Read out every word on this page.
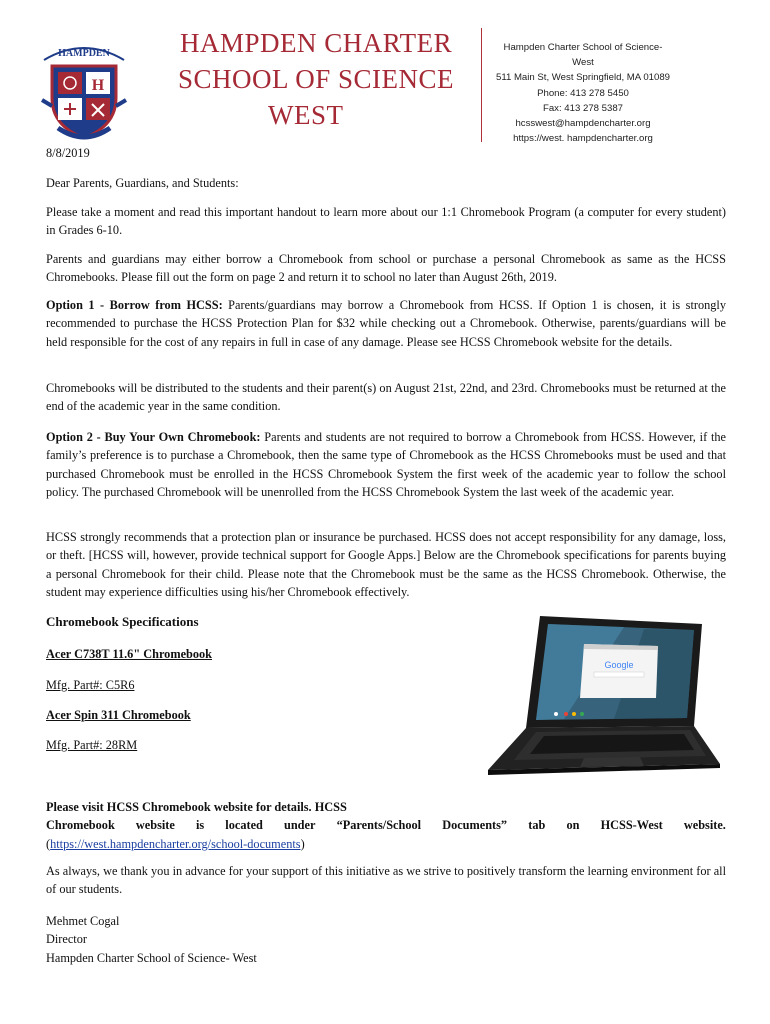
HAMPDEN
H
HAMPDEN CHARTER
SCHOOL OF SCIENCE
WEST
Hampden Charter School of Science-
West
511 Main St, West Springfield, MA 01089
Phone: 413 278 5450
Fax: 413 278 5387
hcsswest@hampdencharter.org
https://west. hampdencharter.org

8/8/2019

Dear Parents, Guardians, and Students:

Please take a moment and read this important handout to learn more about our 1:1 Chromebook Program (a computer for every student) in Grades 6-10.

Parents and guardians may either borrow a Chromebook from school or purchase a personal Chromebook as same as the HCSS Chromebooks. Please fill out the form on page 2 and return it to school no later than August 26th, 2019.

Option 1 - Borrow from HCSS: Parents/guardians may borrow a Chromebook from HCSS. If Option 1 is chosen, it is strongly recommended to purchase the HCSS Protection Plan for $32 while checking out a Chromebook. Otherwise, parents/guardians will be held responsible for the cost of any repairs in full in case of any damage. Please see HCSS Chromebook website for the details.

Chromebooks will be distributed to the students and their parent(s) on August 21st, 22nd, and 23rd. Chromebooks must be returned at the end of the academic year in the same condition.

Option 2 - Buy Your Own Chromebook: Parents and students are not required to borrow a Chromebook from HCSS. However, if the family’s preference is to purchase a Chromebook, then the same type of Chromebook as the HCSS Chromebooks must be used and that purchased Chromebook must be enrolled in the HCSS Chromebook System the first week of the academic year to follow the school policy. The purchased Chromebook will be unenrolled from the HCSS Chromebook System the last week of the academic year.

HCSS strongly recommends that a protection plan or insurance be purchased. HCSS does not accept responsibility for any damage, loss, or theft. [HCSS will, however, provide technical support for Google Apps.] Below are the Chromebook specifications for parents buying a personal Chromebook for their child. Please note that the Chromebook must be the same as the HCSS Chromebook. Otherwise, the student may experience difficulties using his/her Chromebook effectively.

Chromebook Specifications
Acer C738T 11.6" Chromebook
Mfg. Part#: C5R6
Acer Spin 311 Chromebook
Mfg. Part#: 28RM
Google
Please visit HCSS Chromebook website for details. HCSS
Chromebook website is located under “Parents/School Documents” tab on HCSS-West website.
(https://west.hampdencharter.org/school-documents)

As always, we thank you in advance for your support of this initiative as we strive to positively transform the learning environment for all of our students.

Mehmet Cogal
Director
Hampden Charter School of Science- West
